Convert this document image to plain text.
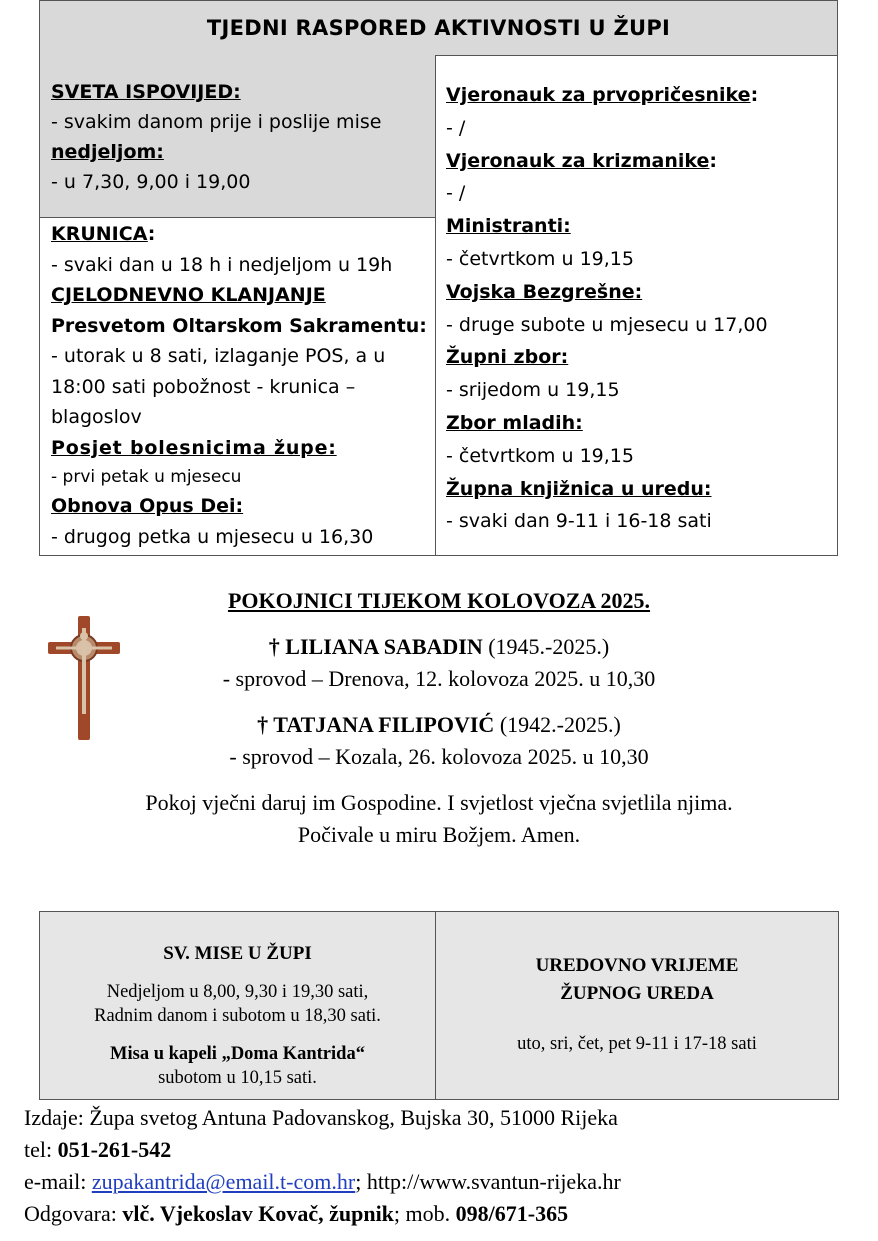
TJEDNI RASPORED AKTIVNOSTI U ŽUPI
SVETA ISPOVIJED:
- svakim danom prije i poslije mise
nedjeljom:
- u 7,30, 9,00 i 19,00
KRUNICA:
- svaki dan u 18 h i nedjeljom u 19h
CJELODNEVNO KLANJANJE
Presvetom Oltarskom Sakramentu:
- utorak u 8 sati, izlaganje POS, a u
18:00 sati pobožnost - krunica –
blagoslov
Posjet bolesnicima župe:
- prvi petak u mjesecu
Obnova Opus Dei:
- drugog petka u mjesecu u 16,30
Vjeronauk za prvopričesnike:
- /
Vjeronauk za krizmanike:
- /
Ministranti:
- četvrtkom u 19,15
Vojska Bezgrešne:
- druge subote u mjesecu u 17,00
Župni zbor:
- srijedom u 19,15
Zbor mladih:
- četvrtkom u 19,15
Župna knjižnica u uredu:
- svaki dan 9-11 i 16-18 sati
POKOJNICI TIJEKOM KOLOVOZA 2025.
† LILIANA SABADIN (1945.-2025.)
- sprovod – Drenova, 12. kolovoza 2025. u 10,30
† TATJANA FILIPOVIĆ (1942.-2025.)
- sprovod – Kozala, 26. kolovoza 2025. u 10,30
Pokoj vječni daruj im Gospodine. I svjetlost vječna svjetlila njima.
Počivale u miru Božjem. Amen.
SV. MISE U ŽUPI
Nedjeljom u 8,00, 9,30 i 19,30 sati,
Radnim danom i subotom u 18,30 sati.
Misa u kapeli „Doma Kantrida“
subotom u 10,15 sati.
UREDOVNO VRIJEME
ŽUPNOG UREDA
uto, sri, čet, pet 9-11 i 17-18 sati
Izdaje: Župa svetog Antuna Padovanskog, Bujska 30, 51000 Rijeka
tel: 051-261-542
e-mail: zupakantrida@email.t-com.hr; http://www.svantun-rijeka.hr
Odgovara: vlč. Vjekoslav Kovač, župnik; mob. 098/671-365
